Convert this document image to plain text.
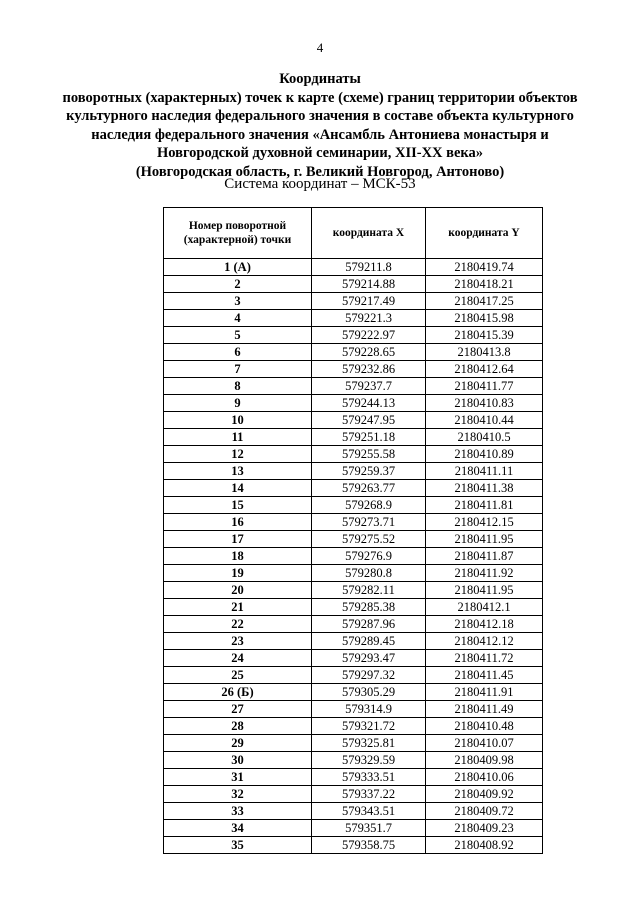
4
Координаты
поворотных (характерных) точек к карте (схеме) границ территории объектов
культурного наследия федерального значения в составе объекта культурного
наследия федерального значения «Ансамбль Антониева монастыря и
Новгородской духовной семинарии, XII-XX века»
(Новгородская область, г. Великий Новгород, Антоново)
Система координат – МСК-53
Номер поворотной (характерной) точки	координата X	координата Y
1 (А)	579211.8	2180419.74
2	579214.88	2180418.21
3	579217.49	2180417.25
4	579221.3	2180415.98
5	579222.97	2180415.39
6	579228.65	2180413.8
7	579232.86	2180412.64
8	579237.7	2180411.77
9	579244.13	2180410.83
10	579247.95	2180410.44
11	579251.18	2180410.5
12	579255.58	2180410.89
13	579259.37	2180411.11
14	579263.77	2180411.38
15	579268.9	2180411.81
16	579273.71	2180412.15
17	579275.52	2180411.95
18	579276.9	2180411.87
19	579280.8	2180411.92
20	579282.11	2180411.95
21	579285.38	2180412.1
22	579287.96	2180412.18
23	579289.45	2180412.12
24	579293.47	2180411.72
25	579297.32	2180411.45
26 (Б)	579305.29	2180411.91
27	579314.9	2180411.49
28	579321.72	2180410.48
29	579325.81	2180410.07
30	579329.59	2180409.98
31	579333.51	2180410.06
32	579337.22	2180409.92
33	579343.51	2180409.72
34	579351.7	2180409.23
35	579358.75	2180408.92
